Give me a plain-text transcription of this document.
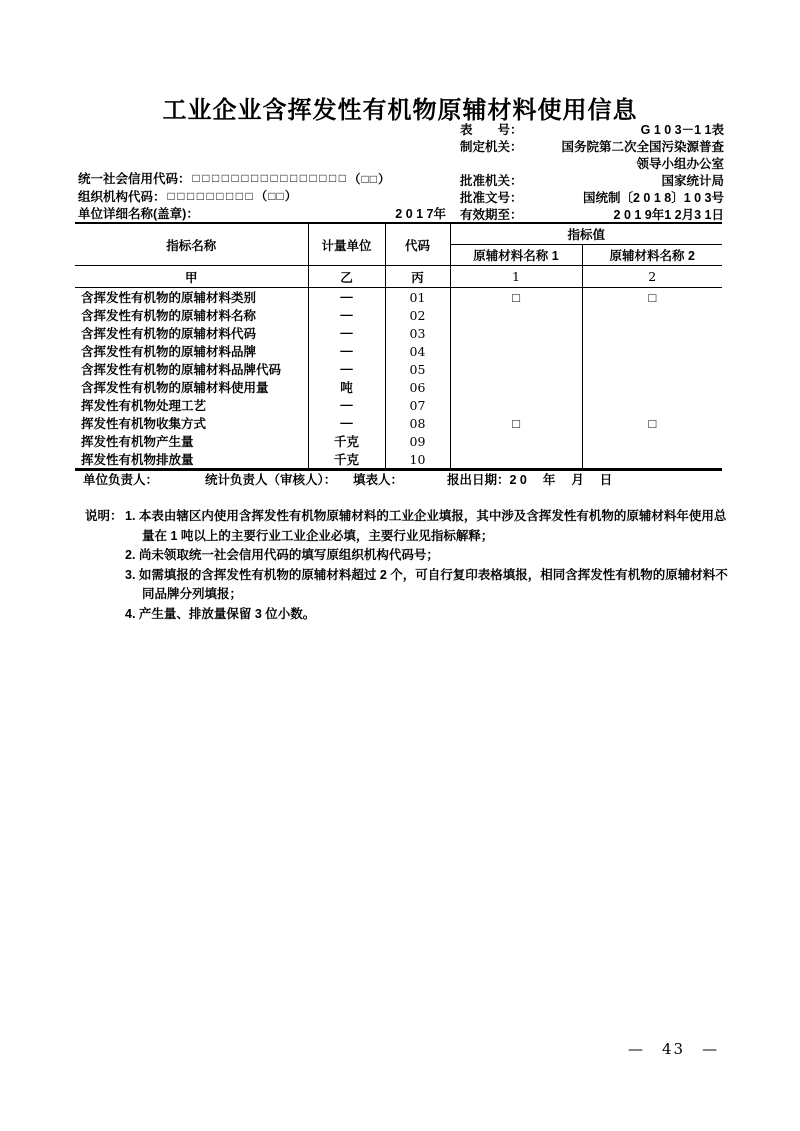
工业企业含挥发性有机物原辅材料使用信息
统一社会信用代码： □□□□□□□□□□□□□□□□ （□□）
组织机构代码： □□□□□□□□□ （□□）
单位详细名称(盖章)：	2 0 1 7年
表　　号：	G 1 0 3－1 1表
制定机关：	国务院第二次全国污染源普查
领导小组办公室
批准机关：	国家统计局
批准文号：	国统制〔2 0 1 8〕1 0 3号
有效期至：	2 0 1 9年1 2月3 1日
指标名称	计量单位	代码	指标值	
			原辅材料名称 1	原辅材料名称 2
甲	乙	丙	1	2
含挥发性有机物的原辅材料类别	—	01	□	□
含挥发性有机物的原辅材料名称	—	02		
含挥发性有机物的原辅材料代码	—	03		
含挥发性有机物的原辅材料品牌	—	04		
含挥发性有机物的原辅材料品牌代码	—	05		
含挥发性有机物的原辅材料使用量	吨	06		
挥发性有机物处理工艺	—	07		
挥发性有机物收集方式	—	08	□	□
挥发性有机物产生量	千克	09		
挥发性有机物排放量	千克	10		
单位负责人：	统计负责人（审核人）： 填表人：	报出日期：2 0　 年　 月　 日
说明： 1. 本表由辖区内使用含挥发性有机物原辅材料的工业企业填报，其中涉及含挥发性有机物的原辅材料年使用总量在 1 吨以上的主要行业工业企业必填，主要行业见指标解释；
2. 尚未领取统一社会信用代码的填写原组织机构代码号；
3. 如需填报的含挥发性有机物的原辅材料超过 2 个，可自行复印表格填报，相同含挥发性有机物的原辅材料不同品牌分列填报；
4. 产生量、排放量保留 3 位小数。
—　43　—
